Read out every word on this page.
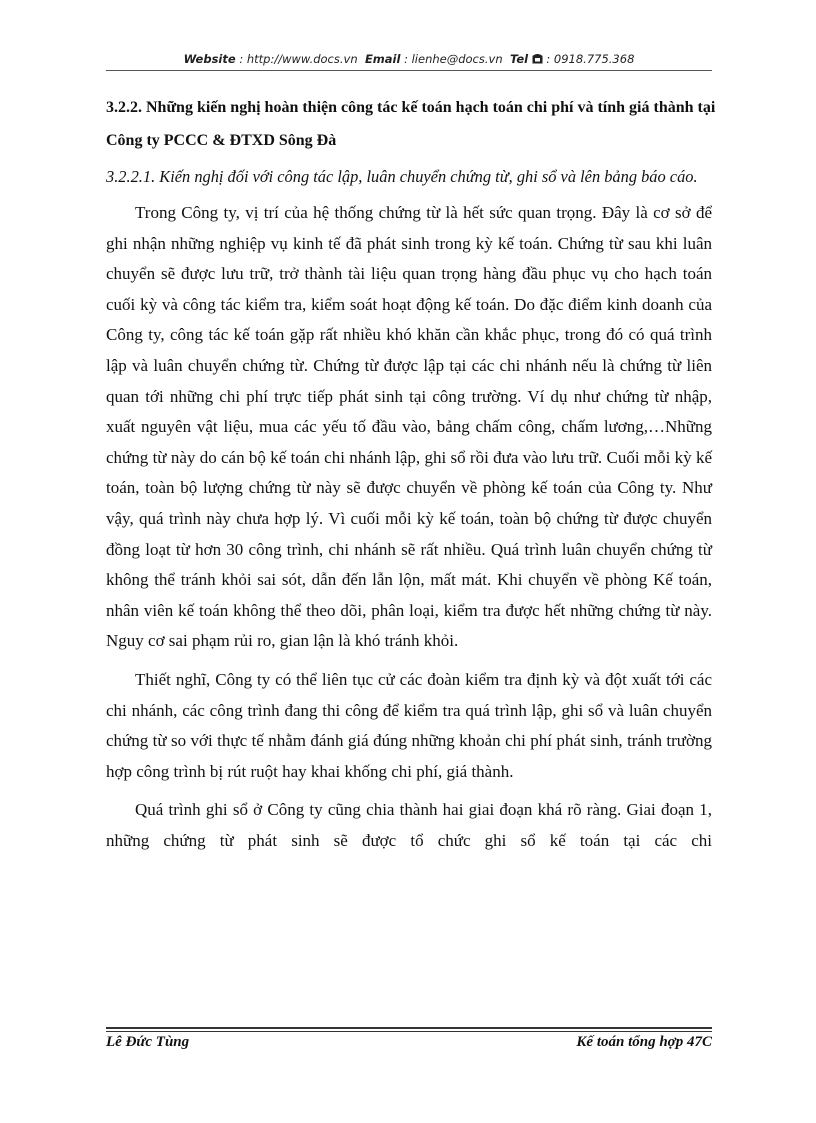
Website : http://www.docs.vn Email : lienhe@docs.vn Tel : 0918.775.368
3.2.2. Những kiến nghị hoàn thiện công tác kế toán hạch toán chi phí và tính giá thành tại Công ty PCCC & ĐTXD Sông Đà
3.2.2.1. Kiến nghị đối với công tác lập, luân chuyển chứng từ, ghi sổ và lên bảng báo cáo.

Trong Công ty, vị trí của hệ thống chứng từ là hết sức quan trọng. Đây là cơ sở để ghi nhận những nghiệp vụ kinh tế đã phát sinh trong kỳ kế toán. Chứng từ sau khi luân chuyển sẽ được lưu trữ, trở thành tài liệu quan trọng hàng đầu phục vụ cho hạch toán cuối kỳ và công tác kiểm tra, kiểm soát hoạt động kế toán. Do đặc điểm kinh doanh của Công ty, công tác kế toán gặp rất nhiều khó khăn cần khắc phục, trong đó có quá trình lập và luân chuyển chứng từ. Chứng từ được lập tại các chi nhánh nếu là chứng từ liên quan tới những chi phí trực tiếp phát sinh tại công trường. Ví dụ như chứng từ nhập, xuất nguyên vật liệu, mua các yếu tố đầu vào, bảng chấm công, chấm lương,…Những chứng từ này do cán bộ kế toán chi nhánh lập, ghi sổ rồi đưa vào lưu trữ. Cuối mỗi kỳ kế toán, toàn bộ lượng chứng từ này sẽ được chuyển về phòng kế toán của Công ty. Như vậy, quá trình này chưa hợp lý. Vì cuối mỗi kỳ kế toán, toàn bộ chứng từ được chuyển đồng loạt từ hơn 30 công trình, chi nhánh sẽ rất nhiều. Quá trình luân chuyển chứng từ không thể tránh khỏi sai sót, dẫn đến lẫn lộn, mất mát. Khi chuyển về phòng Kế toán, nhân viên kế toán không thể theo dõi, phân loại, kiểm tra được hết những chứng từ này. Nguy cơ sai phạm rủi ro, gian lận là khó tránh khỏi.

Thiết nghĩ, Công ty có thể liên tục cử các đoàn kiểm tra định kỳ và đột xuất tới các chi nhánh, các công trình đang thi công để kiểm tra quá trình lập, ghi sổ và luân chuyển chứng từ so với thực tế nhằm đánh giá đúng những khoản chi phí phát sinh, tránh trường hợp công trình bị rút ruột hay khai khống chi phí, giá thành.

Quá trình ghi sổ ở Công ty cũng chia thành hai giai đoạn khá rõ ràng. Giai đoạn 1, những chứng từ phát sinh sẽ được tổ chức ghi sổ kế toán tại các chi

Lê Đức Tùng	Kế toán tổng hợp 47C
